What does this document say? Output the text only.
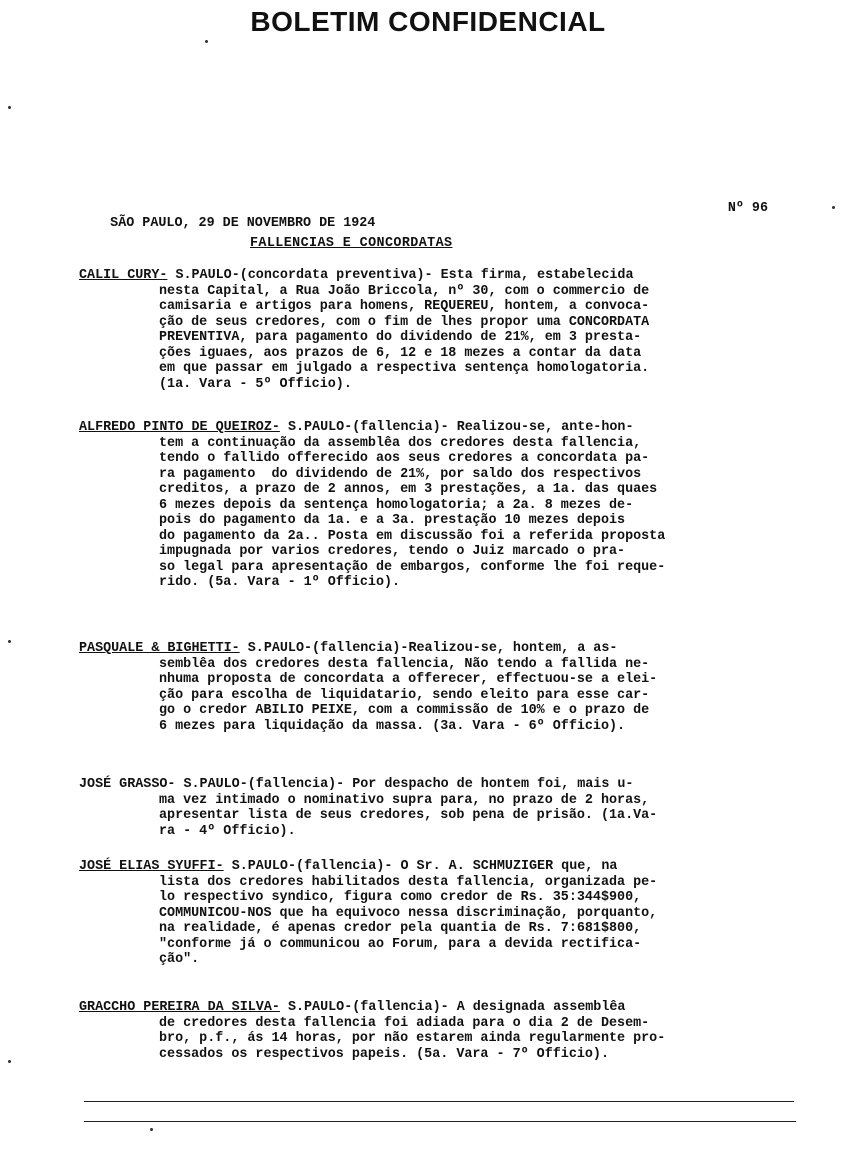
BOLETIM CONFIDENCIAL

SÃO PAULO, 29 DE NOVEMBRO DE 1924

Nº 96

FALLENCIAS E CONCORDATAS
CALIL CURY- S.PAULO-(concordata preventiva)- Esta firma, estabelecida
nesta Capital, a Rua João Briccola, nº 30, com o commercio de
camisaria e artigos para homens, REQUEREU, hontem, a convoca-
ção de seus credores, com o fim de lhes propor uma CONCORDATA
PREVENTIVA, para pagamento do dividendo de 21%, em 3 presta-
ções iguaes, aos prazos de 6, 12 e 18 mezes a contar da data
em que passar em julgado a respectiva sentença homologatoria.
(1a. Vara - 5º Officio).
ALFREDO PINTO DE QUEIROZ- S.PAULO-(fallencia)- Realizou-se, ante-hon-
tem a continuação da assemblêa dos credores desta fallencia,
tendo o fallido offerecido aos seus credores a concordata pa-
ra pagamento  do dividendo de 21%, por saldo dos respectivos
creditos, a prazo de 2 annos, em 3 prestações, a 1a. das quaes
6 mezes depois da sentença homologatoria; a 2a. 8 mezes de-
pois do pagamento da 1a. e a 3a. prestação 10 mezes depois
do pagamento da 2a.. Posta em discussão foi a referida proposta
impugnada por varios credores, tendo o Juiz marcado o pra-
so legal para apresentação de embargos, conforme lhe foi reque-
rido. (5a. Vara - 1º Officio).
PASQUALE & BIGHETTI- S.PAULO-(fallencia)-Realizou-se, hontem, a as-
semblêa dos credores desta fallencia, Não tendo a fallida ne-
nhuma proposta de concordata a offerecer, effectuou-se a elei-
ção para escolha de liquidatario, sendo eleito para esse car-
go o credor ABILIO PEIXE, com a commissão de 10% e o prazo de
6 mezes para liquidação da massa. (3a. Vara - 6º Officio).
JOSÉ GRASSO- S.PAULO-(fallencia)- Por despacho de hontem foi, mais u-
ma vez intimado o nominativo supra para, no prazo de 2 horas,
apresentar lista de seus credores, sob pena de prisão. (1a.Va-
ra - 4º Officio).
JOSÉ ELIAS SYUFFI- S.PAULO-(fallencia)- O Sr. A. SCHMUZIGER que, na
lista dos credores habilitados desta fallencia, organizada pe-
lo respectivo syndico, figura como credor de Rs. 35:344$900,
COMMUNICOU-NOS que ha equivoco nessa discriminação, porquanto,
na realidade, é apenas credor pela quantia de Rs. 7:681$800,
"conforme já o communicou ao Forum, para a devida rectifica-
ção".
GRACCHO PEREIRA DA SILVA- S.PAULO-(fallencia)- A designada assemblêa
de credores desta fallencia foi adiada para o dia 2 de Desem-
bro, p.f., ás 14 horas, por não estarem ainda regularmente pro-
cessados os respectivos papeis. (5a. Vara - 7º Officio).
